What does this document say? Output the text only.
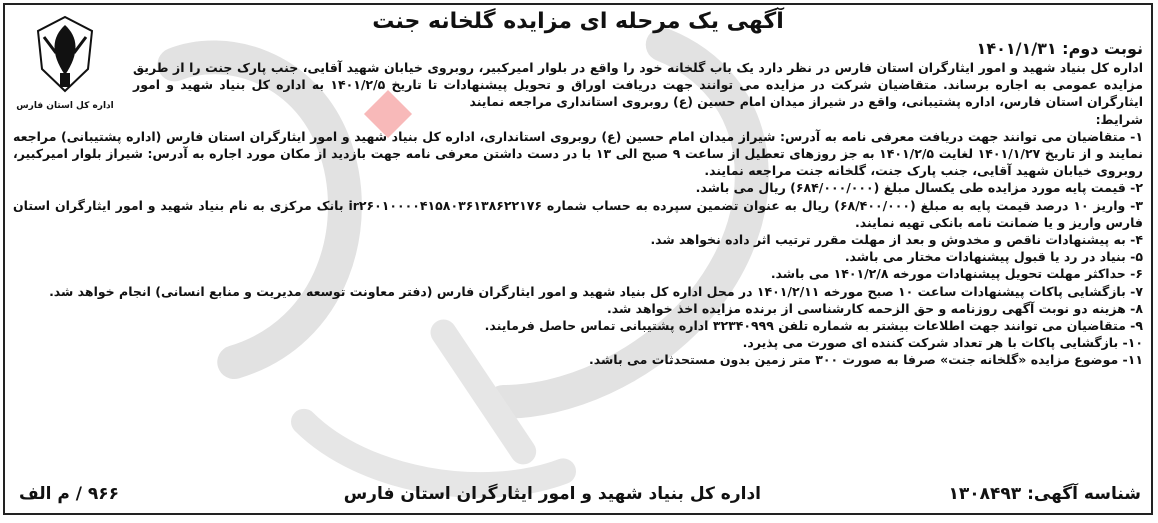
آگهی یک مرحله ای مزایده گلخانه جنت
اداره کل استان فارس

نوبت دوم: ۱۴۰۱/۱/۳۱

اداره کل بنیاد شهید و امور ایثارگران استان فارس در نظر دارد یک باب گلخانه خود را واقع در بلوار امیرکبیر، روبروی خیابان شهید آقایی، جنب پارک جنت را از طریق مزایده عمومی به اجاره برساند. متقاضیان شرکت در مزایده می توانند جهت دریافت اوراق و تحویل پیشنهادات تا تاریخ ۱۴۰۱/۲/۵ به اداره کل بنیاد شهید و امور ایثارگران استان فارس، اداره پشتیبانی، واقع در شیراز میدان امام حسین (ع) روبروی استانداری مراجعه نمایند

شرایط:

۱- متقاضیان می توانند جهت دریافت معرفی نامه به آدرس: شیراز میدان امام حسین (ع) روبروی استانداری، اداره کل بنیاد شهید و امور ایثارگران استان فارس (اداره پشتیبانی) مراجعه نمایند و از تاریخ ۱۴۰۱/۱/۲۷ لغایت ۱۴۰۱/۲/۵ به جز روزهای تعطیل از ساعت ۹ صبح الی ۱۳ با در دست داشتن معرفی نامه جهت بازدید از مکان مورد اجاره به آدرس: شیراز بلوار امیرکبیر، روبروی خیابان شهید آقایی، جنب پارک جنت، گلخانه جنت مراجعه نمایند.

۲- قیمت پایه مورد مزایده طی یکسال مبلغ (۶۸۴/۰۰۰/۰۰۰) ریال می باشد.

۳- واریز ۱۰ درصد قیمت پایه به مبلغ (۶۸/۴۰۰/۰۰۰) ریال به عنوان تضمین سپرده به حساب شماره ir۲۶۰۱۰۰۰۰۴۱۵۸۰۳۶۱۳۸۶۲۲۱۷۶ بانک مرکزی به نام بنیاد شهید و امور ایثارگران استان فارس واریز و یا ضمانت نامه بانکی تهیه نمایند.

۴- به پیشنهادات ناقص و مخدوش و بعد از مهلت مقرر ترتیب اثر داده نخواهد شد.

۵- بنیاد در رد یا قبول پیشنهادات مختار می باشد.

۶- حداکثر مهلت تحویل پیشنهادات مورخه ۱۴۰۱/۲/۸ می باشد.

۷- بازگشایی پاکات پیشنهادات ساعت ۱۰ صبح مورخه ۱۴۰۱/۲/۱۱ در محل اداره کل بنیاد شهید و امور ایثارگران فارس (دفتر معاونت توسعه مدیریت و منابع انسانی) انجام خواهد شد.

۸- هزینه دو نوبت آگهی روزنامه و حق الزحمه کارشناسی از برنده مزایده اخذ خواهد شد.

۹- متقاضیان می توانند جهت اطلاعات بیشتر به شماره تلفن ۳۲۳۴۰۹۹۹ اداره پشتیبانی تماس حاصل فرمایند.

۱۰- بازگشایی پاکات با هر تعداد شرکت کننده ای صورت می پذیرد.

۱۱- موضوع مزایده «گلخانه جنت» صرفا به صورت ۳۰۰ متر زمین بدون مستحدثات می باشد.

شناسه آگهی: ۱۳۰۸۴۹۳
اداره کل بنیاد شهید و امور ایثارگران استان فارس
۹۶۶ / م الف
